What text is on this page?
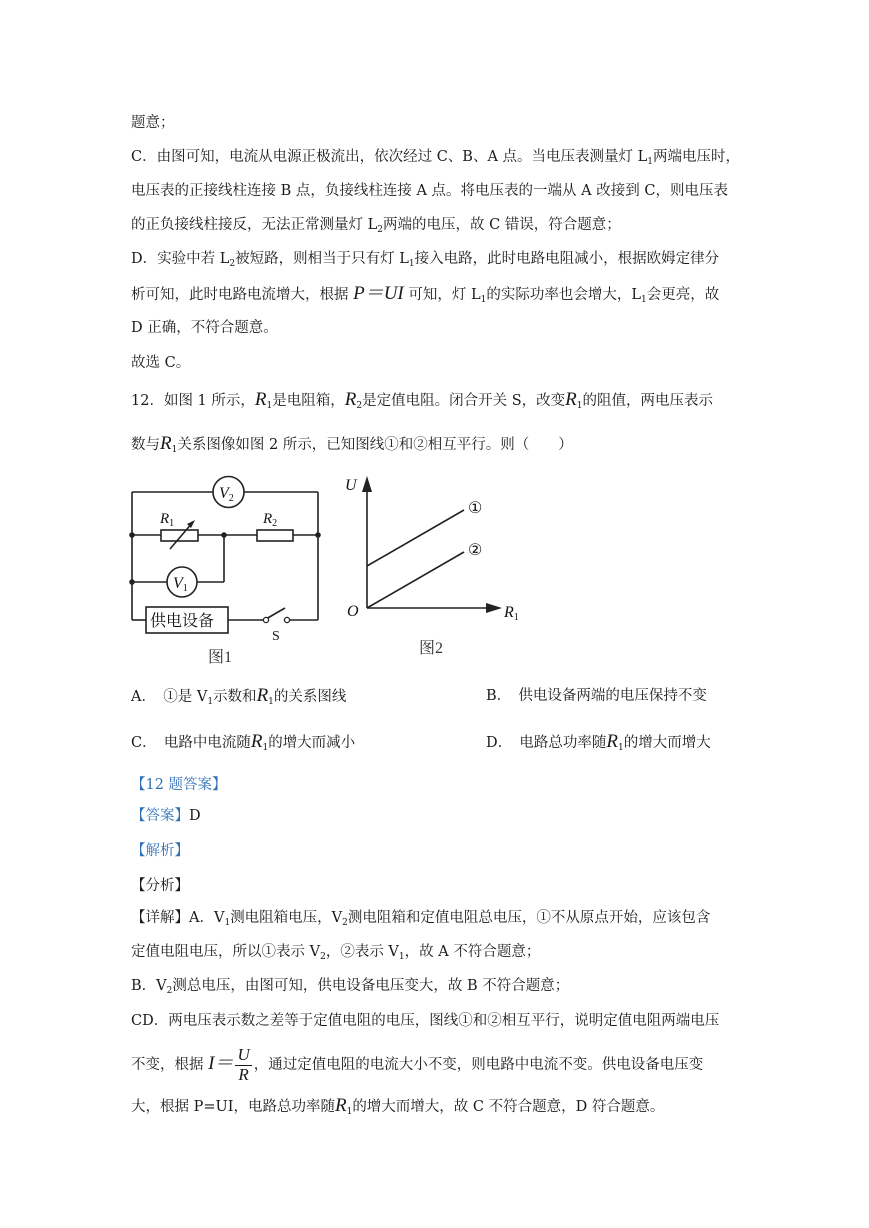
题意；
C．由图可知，电流从电源正极流出，依次经过 C、B、A 点。当电压表测量灯 $L_1$两端电压时，
电压表的正接线柱连接 B 点，负接线柱连接 A 点。将电压表的一端从 A 改接到 C，则电压表
的正负接线柱接反，无法正常测量灯 $L_2$两端的电压，故 C 错误，符合题意；
D．实验中若 $L_2$被短路，则相当于只有灯 $L_1$接入电路，此时电路电阻减小，根据欧姆定律分
析可知，此时电路电流增大，根据 P＝UI 可知，灯 $L_1$的实际功率也会增大，$L_1$会更亮，故
D 正确，不符合题意。
故选 C。
12．如图 1 所示，$R_1$是电阻箱，$R_2$是定值电阻。闭合开关 S，改变$R_1$的阻值，两电压表示
数与$R_1$关系图像如图 2 所示，已知图线①和②相互平行。则（　　）
V2
V1
$R_1$	$R_2$
供电设备
S
图1
U
R1
O
①
②
图2
A．　 ①是 $V_1$示数和$R_1$的关系图线	B．　供电设备两端的电压保持不变
C．　电路中电流随$R_1$的增大而减小	D．　电路总功率随$R_1$的增大而增大
【12 题答案】
【答案】D
【解析】
【分析】
【详解】A．$V_1$测电阻箱电压，$V_2$测电阻箱和定值电阻总电压，①不从原点开始，应该包含
定值电阻电压，所以①表示 $V_2$，②表示 $V_1$，故 A 不符合题意；
B．$V_2$测总电压，由图可知，供电设备电压变大，故 B 不符合题意；
CD．两电压表示数之差等于定值电阻的电压，图线①和②相互平行，说明定值电阻两端电压
不变，根据 $I= \frac{U}{R}$ ，通过定值电阻的电流大小不变，则电路中电流不变。供电设备电压变
大，根据 P=UI，电路总功率随$R_1$的增大而增大，故 C 不符合题意，D 符合题意。
